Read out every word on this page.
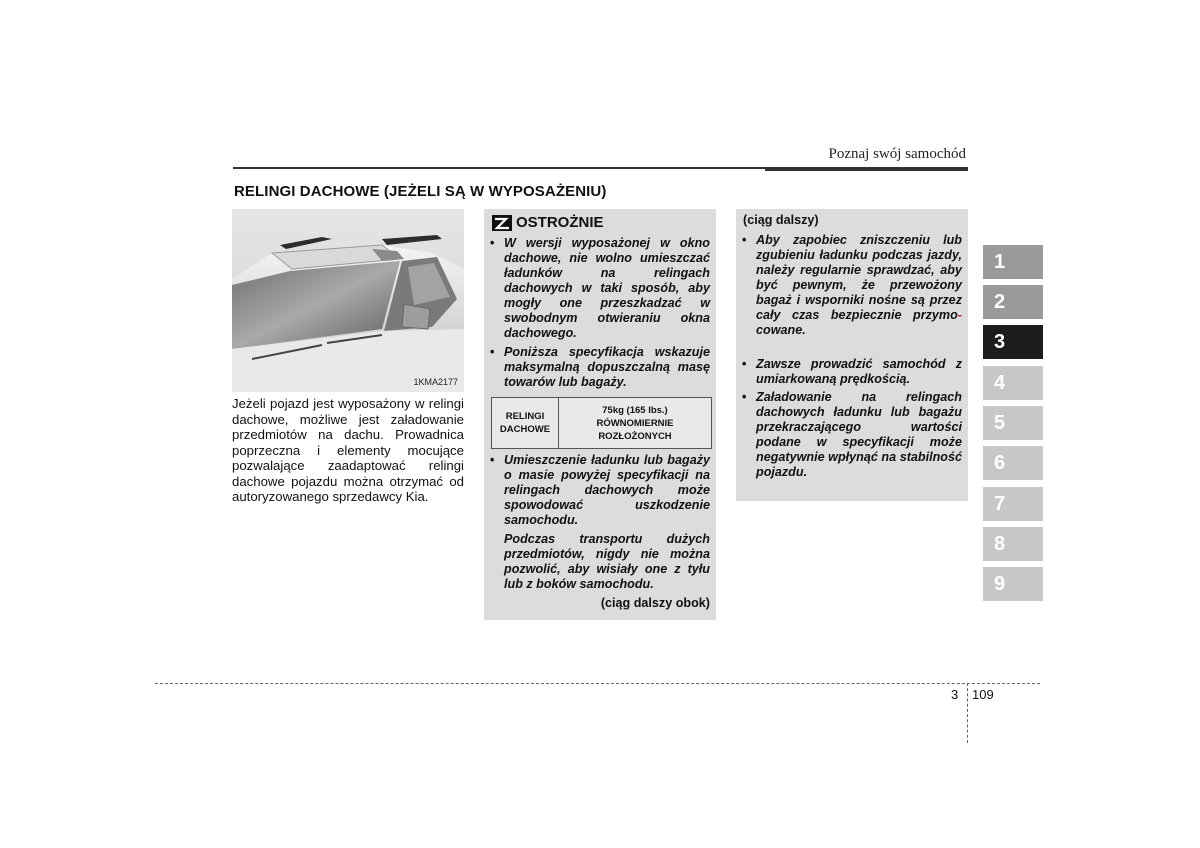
Poznaj swój samochód
RELINGI DACHOWE (JEŻELI SĄ W WYPOSAŻENIU)
1KMA2177
Jeżeli pojazd jest wyposażony w relingi dachowe, możliwe jest załadowanie przedmiotów na dachu. Prowadnica poprzeczna i elementy mocujące pozwalające zaadaptować relingi dachowe pojazdu można otrzymać od autoryzowanego sprzedawcy Kia.
OSTROŻNIE
• W wersji wyposażonej w okno dachowe, nie wolno umieszczać ładunków na relingach dachowych w taki sposób, aby mogły one przeszkadzać w swobodnym otwieraniu okna dachowego.
• Poniższa specyfikacja wskazuje maksymalną dopuszczalną masę towarów lub bagaży.
RELINGI
DACHOWE
75kg (165 lbs.)
RÓWNOMIERNIE
ROZŁOŻONYCH
• Umieszczenie ładunku lub bagaży o masie powyżej specyfikacji na relingach dachowych może spowodować uszkodzenie samochodu.
Podczas transportu dużych przedmiotów, nigdy nie można pozwolić, aby wisiały one z tyłu lub z boków samochodu.
(ciąg dalszy obok)
(ciąg dalszy)
• Aby zapobiec zniszczeniu lub zgubieniu ładunku podczas jazdy, należy regularnie sprawdzać, aby być pewnym, że przewożony bagaż i wsporniki nośne są przez cały czas bezpiecznie przymo- cowane.
• Zawsze prowadzić samochód z umiarkowaną prędkością.
• Załadowanie na relingach dachowych ładunku lub bagażu przekraczającego wartości podane w specyfikacji może negatywnie wpłynąć na stabilność pojazdu.
1
2
3
4
5
6
7
8
9
3 109
